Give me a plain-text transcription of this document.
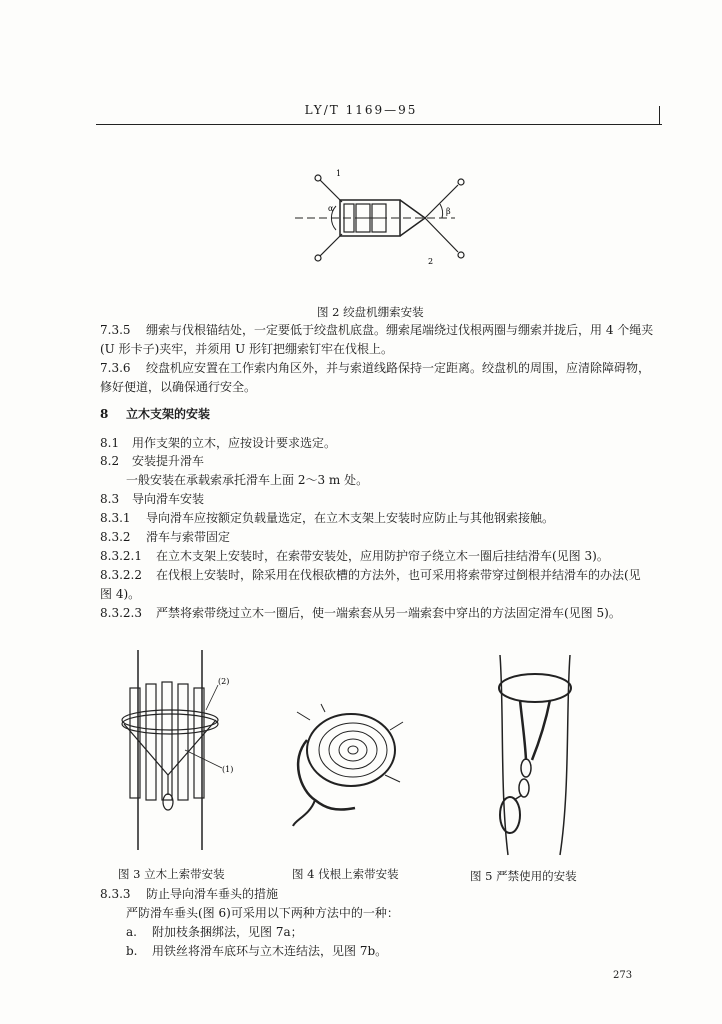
LY/T 1169—95
α	β
1
2
图 2 绞盘机绷索安装
7.3.5 绷索与伐根锚结处，一定要低于绞盘机底盘。绷索尾端绕过伐根两圈与绷索并拢后，用 4 个绳夹
(U 形卡子)夹牢，并须用 U 形钉把绷索钉牢在伐根上。
7.3.6 绞盘机应安置在工作索内角区外，并与索道线路保持一定距离。绞盘机的周围，应清除障碍物，
修好便道，以确保通行安全。
8 立木支架的安装
8.1 用作支架的立木，应按设计要求选定。
8.2 安装提升滑车
一般安装在承载索承托滑车上面 2～3 m 处。
8.3 导向滑车安装
8.3.1 导向滑车应按额定负载量选定，在立木支架上安装时应防止与其他钢索接触。
8.3.2 滑车与索带固定
8.3.2.1 在立木支架上安装时，在索带安装处，应用防护帘子绕立木一圈后挂结滑车(见图 3)。
8.3.2.2 在伐根上安装时，除采用在伐根砍槽的方法外，也可采用将索带穿过倒根并结滑车的办法(见
图 4)。
8.3.2.3 严禁将索带绕过立木一圈后，使一端索套从另一端索套中穿出的方法固定滑车(见图 5)。
(2)
(1)
图 3 立木上索带安装	图 4 伐根上索带安装	图 5 严禁使用的安装
8.3.3 防止导向滑车垂头的措施
严防滑车垂头(图 6)可采用以下两种方法中的一种：
a. 附加枝条捆绑法，见图 7a；
b. 用铁丝将滑车底环与立木连结法，见图 7b。
273
